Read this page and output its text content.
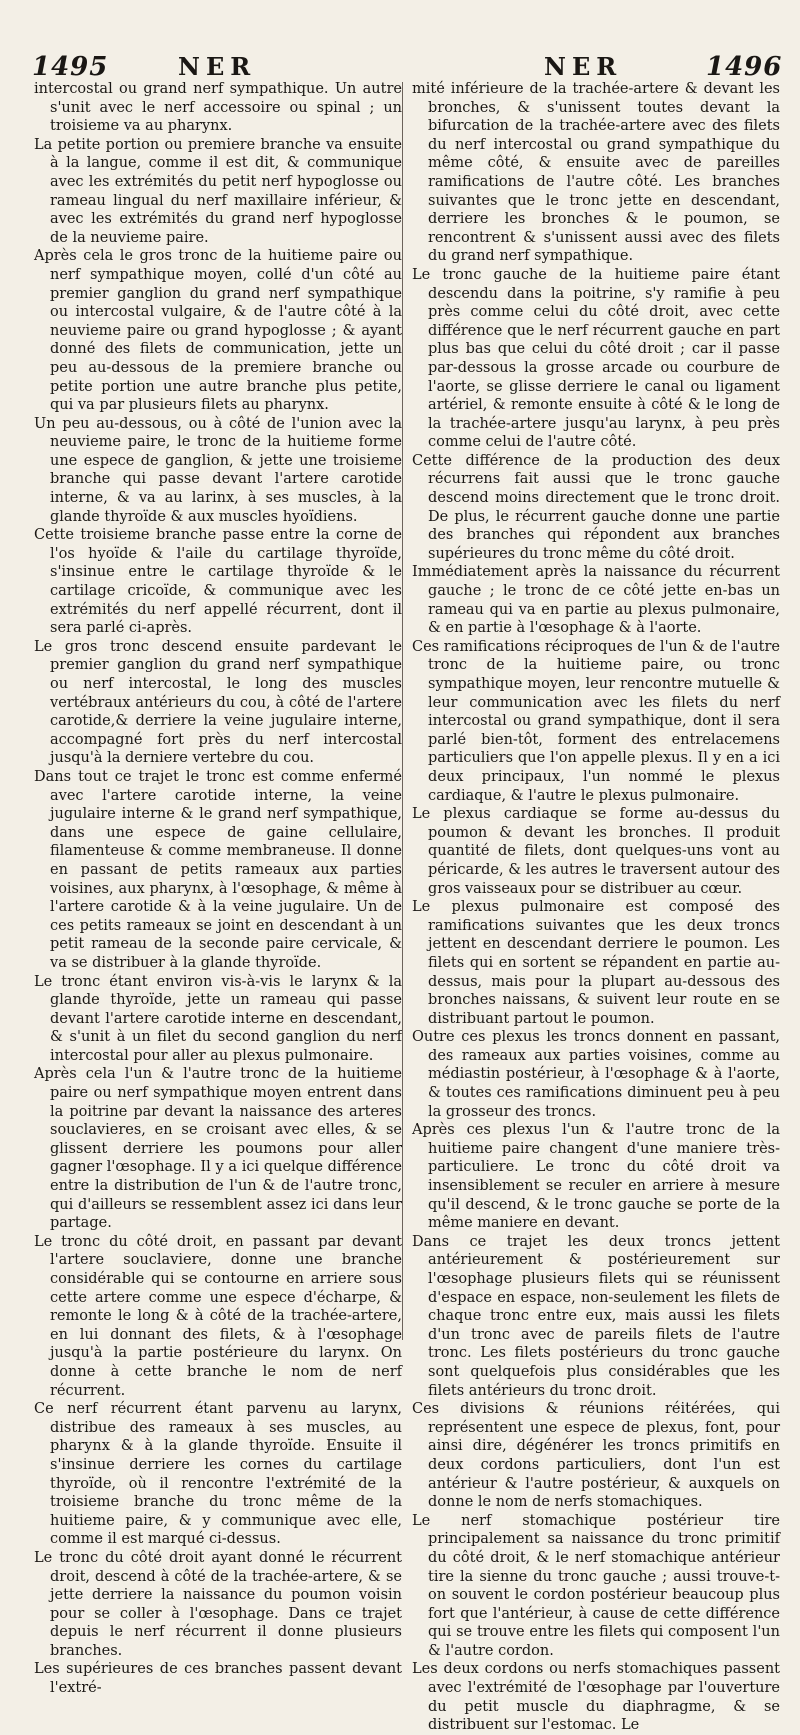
1495	NER	NER	1496

intercostal ou grand nerf sympathique. Un autre s'unit avec le nerf accessoire ou spinal ; un troisieme va au pharynx.

La petite portion ou premiere branche va ensuite à la langue, comme il est dit, & communique avec les extrémités du petit nerf hypoglosse ou rameau lingual du nerf maxillaire inférieur, & avec les extrémités du grand nerf hypoglosse de la neuvieme paire.

Après cela le gros tronc de la huitieme paire ou nerf sympathique moyen, collé d'un côté au premier ganglion du grand nerf sympathique ou intercostal vulgaire, & de l'autre côté à la neuvieme paire ou grand hypoglosse ; & ayant donné des filets de communication, jette un peu au-dessous de la premiere branche ou petite portion une autre branche plus petite, qui va par plusieurs filets au pharynx.

Un peu au-dessous, ou à côté de l'union avec la neuvieme paire, le tronc de la huitieme forme une espece de ganglion, & jette une troisieme branche qui passe devant l'artere carotide interne, & va au larinx, à ses muscles, à la glande thyroïde & aux muscles hyoïdiens.

Cette troisieme branche passe entre la corne de l'os hyoïde & l'aile du cartilage thyroïde, s'insinue entre le cartilage thyroïde & le cartilage cricoïde, & communique avec les extrémités du nerf appellé récurrent, dont il sera parlé ci-après.

Le gros tronc descend ensuite pardevant le premier ganglion du grand nerf sympathique ou nerf intercostal, le long des muscles vertébraux antérieurs du cou, à côté de l'artere carotide,& derriere la veine jugulaire interne, accompagné fort près du nerf intercostal jusqu'à la derniere vertebre du cou.

Dans tout ce trajet le tronc est comme enfermé avec l'artere carotide interne, la veine jugulaire interne & le grand nerf sympathique, dans une espece de gaine cellulaire, filamenteuse & comme membraneuse. Il donne en passant de petits rameaux aux parties voisines, aux pharynx, à l'œsophage, & même à l'artere carotide & à la veine jugulaire. Un de ces petits rameaux se joint en descendant à un petit rameau de la seconde paire cervicale, & va se distribuer à la glande thyroïde.

Le tronc étant environ vis-à-vis le larynx & la glande thyroïde, jette un rameau qui passe devant l'artere carotide interne en descendant, & s'unit à un filet du second ganglion du nerf intercostal pour aller au plexus pulmonaire.

Après cela l'un & l'autre tronc de la huitieme paire ou nerf sympathique moyen entrent dans la poitrine par devant la naissance des arteres souclavieres, en se croisant avec elles, & se glissent derriere les poumons pour aller gagner l'œsophage. Il y a ici quelque différence entre la distribution de l'un & de l'autre tronc, qui d'ailleurs se ressemblent assez ici dans leur partage.

Le tronc du côté droit, en passant par devant l'artere souclaviere, donne une branche considérable qui se contourne en arriere sous cette artere comme une espece d'écharpe, & remonte le long & à côté de la trachée-artere, en lui donnant des filets, & à l'œsophage jusqu'à la partie postérieure du larynx. On donne à cette branche le nom de nerf récurrent.

Ce nerf récurrent étant parvenu au larynx, distribue des rameaux à ses muscles, au pharynx & à la glande thyroïde. Ensuite il s'insinue derriere les cornes du cartilage thyroïde, où il rencontre l'extrémité de la troisieme branche du tronc même de la huitieme paire, & y communique avec elle, comme il est marqué ci-dessus.

Le tronc du côté droit ayant donné le récurrent droit, descend à côté de la trachée-artere, & se jette derriere la naissance du poumon voisin pour se coller à l'œsophage. Dans ce trajet depuis le nerf récurrent il donne plusieurs branches.

Les supérieures de ces branches passent devant l'extré-

mité inférieure de la trachée-artere & devant les bronches, & s'unissent toutes devant la bifurcation de la trachée-artere avec des filets du nerf intercostal ou grand sympathique du même côté, & ensuite avec de pareilles ramifications de l'autre côté. Les branches suivantes que le tronc jette en descendant, derriere les bronches & le poumon, se rencontrent & s'unissent aussi avec des filets du grand nerf sympathique.

Le tronc gauche de la huitieme paire étant descendu dans la poitrine, s'y ramifie à peu près comme celui du côté droit, avec cette différence que le nerf récurrent gauche en part plus bas que celui du côté droit ; car il passe par-dessous la grosse arcade ou courbure de l'aorte, se glisse derriere le canal ou ligament artériel, & remonte ensuite à côté & le long de la trachée-artere jusqu'au larynx, à peu près comme celui de l'autre côté.

Cette différence de la production des deux récurrens fait aussi que le tronc gauche descend moins directement que le tronc droit. De plus, le récurrent gauche donne une partie des branches qui répondent aux branches supérieures du tronc même du côté droit.

Immédiatement après la naissance du récurrent gauche ; le tronc de ce côté jette en-bas un rameau qui va en partie au plexus pulmonaire, & en partie à l'œsophage & à l'aorte.

Ces ramifications réciproques de l'un & de l'autre tronc de la huitieme paire, ou tronc sympathique moyen, leur rencontre mutuelle & leur communication avec les filets du nerf intercostal ou grand sympathique, dont il sera parlé bien-tôt, forment des entrelacemens particuliers que l'on appelle plexus. Il y en a ici deux principaux, l'un nommé le plexus cardiaque, & l'autre le plexus pulmonaire.

Le plexus cardiaque se forme au-dessus du poumon & devant les bronches. Il produit quantité de filets, dont quelques-uns vont au péricarde, & les autres le traversent autour des gros vaisseaux pour se distribuer au cœur.

Le plexus pulmonaire est composé des ramifications suivantes que les deux troncs jettent en descendant derriere le poumon. Les filets qui en sortent se répandent en partie au-dessus, mais pour la plupart au-dessous des bronches naissans, & suivent leur route en se distribuant partout le poumon.

Outre ces plexus les troncs donnent en passant, des rameaux aux parties voisines, comme au médiastin postérieur, à l'œsophage & à l'aorte, & toutes ces ramifications diminuent peu à peu la grosseur des troncs.

Après ces plexus l'un & l'autre tronc de la huitieme paire changent d'une maniere très-particuliere. Le tronc du côté droit va insensiblement se reculer en arriere à mesure qu'il descend, & le tronc gauche se porte de la même maniere en devant.

Dans ce trajet les deux troncs jettent antérieurement & postérieurement sur l'œsophage plusieurs filets qui se réunissent d'espace en espace, non-seulement les filets de chaque tronc entre eux, mais aussi les filets d'un tronc avec de pareils filets de l'autre tronc. Les filets postérieurs du tronc gauche sont quelquefois plus considérables que les filets antérieurs du tronc droit.

Ces divisions & réunions réitérées, qui représentent une espece de plexus, font, pour ainsi dire, dégénérer les troncs primitifs en deux cordons particuliers, dont l'un est antérieur & l'autre postérieur, & auxquels on donne le nom de nerfs stomachiques.

Le nerf stomachique postérieur tire principalement sa naissance du tronc primitif du côté droit, & le nerf stomachique antérieur tire la sienne du tronc gauche ; aussi trouve-t-on souvent le cordon postérieur beaucoup plus fort que l'antérieur, à cause de cette différence qui se trouve entre les filets qui composent l'un & l'autre cordon.

Les deux cordons ou nerfs stomachiques passent avec l'extrémité de l'œsophage par l'ouverture du petit muscle du diaphragme, & se distribuent sur l'estomac. Le
